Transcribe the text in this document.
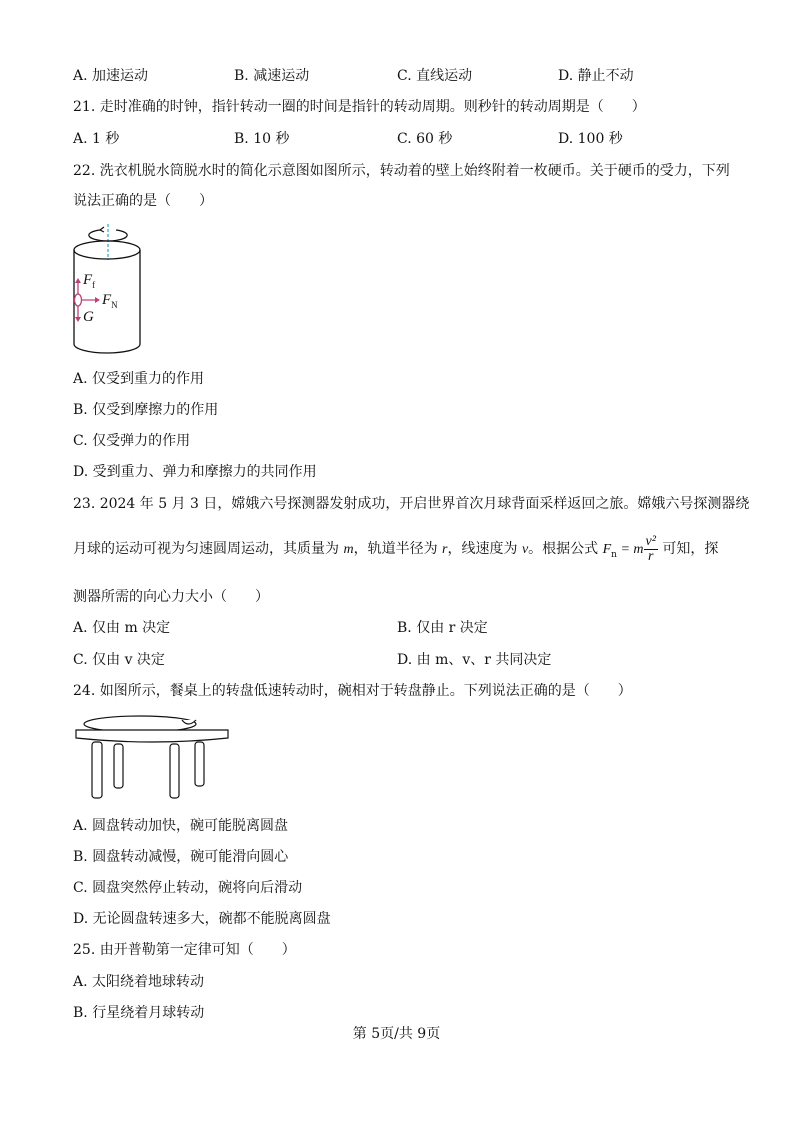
A. 加速运动	B. 减速运动	C. 直线运动	D. 静止不动
21. 走时准确的时钟，指针转动一圈的时间是指针的转动周期。则秒针的转动周期是（　　）
A. 1 秒	B. 10 秒	C. 60 秒	D. 100 秒
22. 洗衣机脱水筒脱水时的简化示意图如图所示，转动着的壁上始终附着一枚硬币。关于硬币的受力，下列
说法正确的是（　　）
$F_f$
$F_N$
G
A. 仅受到重力的作用
B. 仅受到摩擦力的作用
C. 仅受弹力的作用
D. 受到重力、弹力和摩擦力的共同作用
23. 2024 年 5 月 3 日，嫦娥六号探测器发射成功，开启世界首次月球背面采样返回之旅。嫦娥六号探测器绕
月球的运动可视为匀速圆周运动，其质量为 m，轨道半径为 r，线速度为 v。根据公式 $F_n = m \frac{\text{v²}}{r}$ 可知，探
测器所需的向心力大小（　　）
A. 仅由 m 决定	B. 仅由 r 决定
C. 仅由 v 决定	D. 由 m、v、r 共同决定
24. 如图所示，餐桌上的转盘低速转动时，碗相对于转盘静止。下列说法正确的是（　　）
A. 圆盘转动加快，碗可能脱离圆盘
B. 圆盘转动减慢，碗可能滑向圆心
C. 圆盘突然停止转动，碗将向后滑动
D. 无论圆盘转速多大，碗都不能脱离圆盘
25. 由开普勒第一定律可知（　　）
A. 太阳绕着地球转动
B. 行星绕着月球转动
第 5页/共 9页
